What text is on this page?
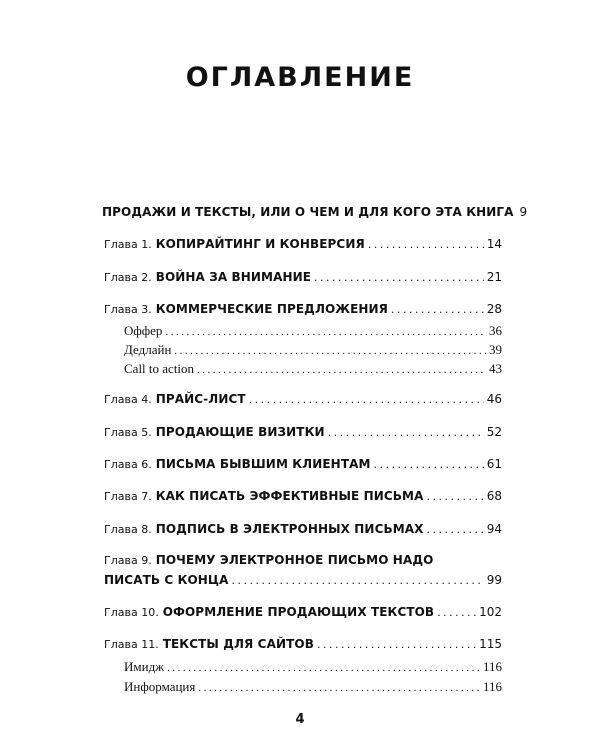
ОГЛАВЛЕНИЕ
ПРОДАЖИ И ТЕКСТЫ, ИЛИ О ЧЕМ И ДЛЯ КОГО ЭТА КНИГА 9
Глава 1. КОПИРАЙТИНГ И КОНВЕРСИЯ .....	14
Глава 2. ВОЙНА ЗА ВНИМАНИЕ .....	21
Глава 3. КОММЕРЧЕСКИЕ ПРЕДЛОЖЕНИЯ .....	28
Оффер .....	36
Дедлайн .....	39
Call to action .....	43
Глава 4. ПРАЙС-ЛИСТ .....	46
Глава 5. ПРОДАЮЩИЕ ВИЗИТКИ .....	52
Глава 6. ПИСЬМА БЫВШИМ КЛИЕНТАМ .....	61
Глава 7. КАК ПИСАТЬ ЭФФЕКТИВНЫЕ ПИСЬМА .....	68
Глава 8. ПОДПИСЬ В ЭЛЕКТРОННЫХ ПИСЬМАХ .....	94
Глава 9. ПОЧЕМУ ЭЛЕКТРОННОЕ ПИСЬМО НАДО
ПИСАТЬ С КОНЦА .....	99
Глава 10. ОФОРМЛЕНИЕ ПРОДАЮЩИХ ТЕКСТОВ .....	102
Глава 11. ТЕКСТЫ ДЛЯ САЙТОВ .....	115
Имидж .....	116
Информация .....	116
4
